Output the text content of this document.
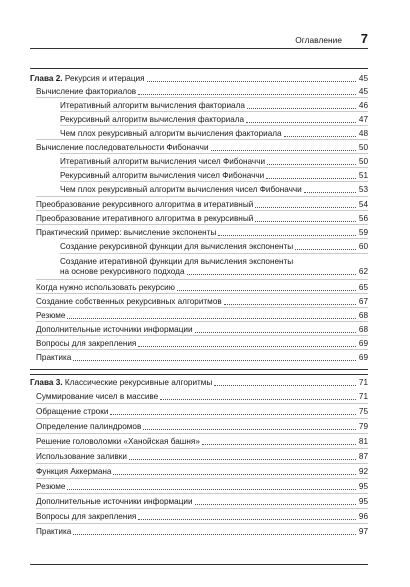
Оглавление 7
Глава 2. Рекурсия и итерация	45
Вычисление факториалов	45
Итеративный алгоритм вычисления факториала	46
Рекурсивный алгоритм вычисления факториала	47
Чем плох рекурсивный алгоритм вычисления факториала	48
Вычисление последовательности Фибоначчи	50
Итеративный алгоритм вычисления чисел Фибоначчи	50
Рекурсивный алгоритм вычисления чисел Фибоначчи	51
Чем плох рекурсивный алгоритм вычисления чисел Фибоначчи	53
Преобразование рекурсивного алгоритма в итеративный	54
Преобразование итеративного алгоритма в рекурсивный	56
Практический пример: вычисление экспоненты	59
Создание рекурсивной функции для вычисления экспоненты	60
Создание итеративной функции для вычисления экспоненты
на основе рекурсивного подхода	62
Когда нужно использовать рекурсию	65
Создание собственных рекурсивных алгоритмов	67
Резюме	68
Дополнительные источники информации	68
Вопросы для закрепления	69
Практика	69
Глава 3. Классические рекурсивные алгоритмы	71
Суммирование чисел в массиве	71
Обращение строки	75
Определение палиндромов	79
Решение головоломки «Ханойская башня»	81
Использование заливки	87
Функция Аккермана	92
Резюме	95
Дополнительные источники информации	95
Вопросы для закрепления	96
Практика	97
